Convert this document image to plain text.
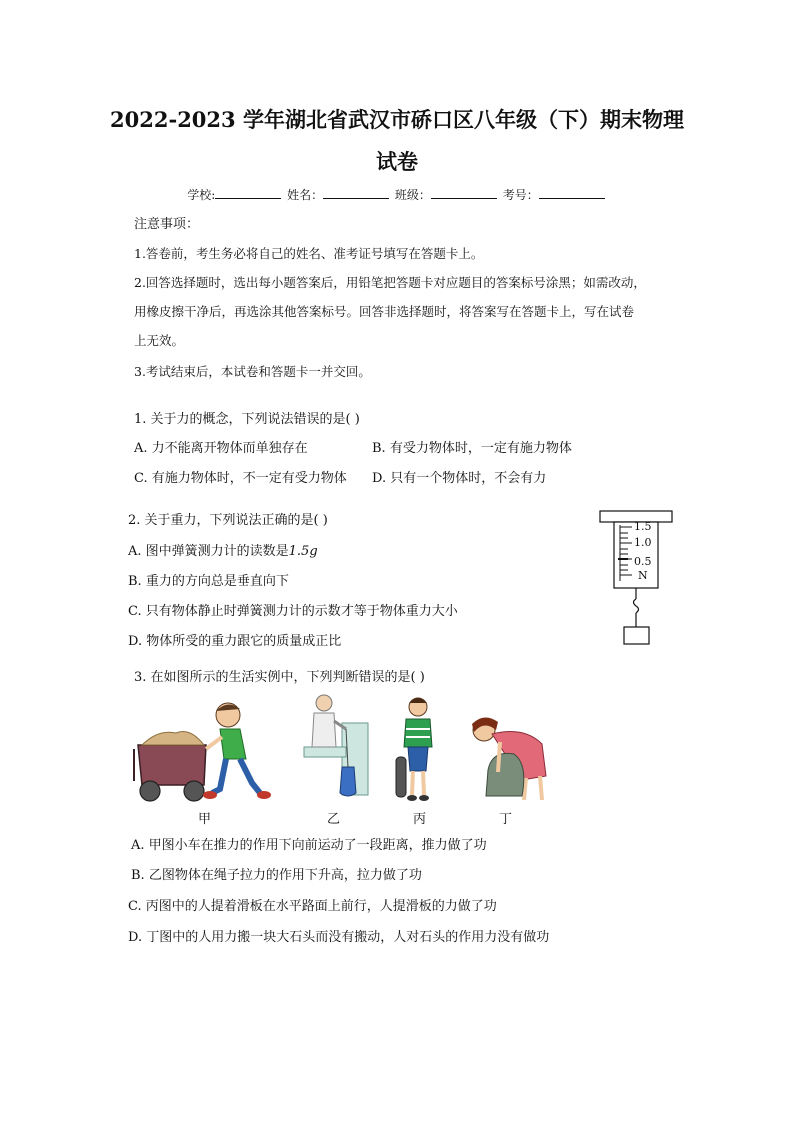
2022-2023 学年湖北省武汉市硚口区八年级（下）期末物理
试卷
学校:	姓名：	班级：	考号：
注意事项：
1.答卷前，考生务必将自己的姓名、准考证号填写在答题卡上。
2.回答选择题时，选出每小题答案后，用铅笔把答题卡对应题目的答案标号涂黑；如需改动，
用橡皮擦干净后，再选涂其他答案标号。回答非选择题时，将答案写在答题卡上，写在试卷
上无效。
3.考试结束后，本试卷和答题卡一并交回。
1. 关于力的概念，下列说法错误的是( )
A. 力不能离开物体而单独存在	B. 有受力物体时，一定有施力物体
C. 有施力物体时，不一定有受力物体 D. 只有一个物体时，不会有力
2. 关于重力，下列说法正确的是( )
A. 图中弹簧测力计的读数是1.5g
B. 重力的方向总是垂直向下
C. 只有物体静止时弹簧测力计的示数才等于物体重力大小
D. 物体所受的重力跟它的质量成正比
1.5
1.0
0.5
N
3. 在如图所示的生活实例中，下列判断错误的是( )
甲	乙	丙	丁
A. 甲图小车在推力的作用下向前运动了一段距离，推力做了功
B. 乙图物体在绳子拉力的作用下升高，拉力做了功
C. 丙图中的人提着滑板在水平路面上前行，人提滑板的力做了功
D. 丁图中的人用力搬一块大石头而没有搬动，人对石头的作用力没有做功
